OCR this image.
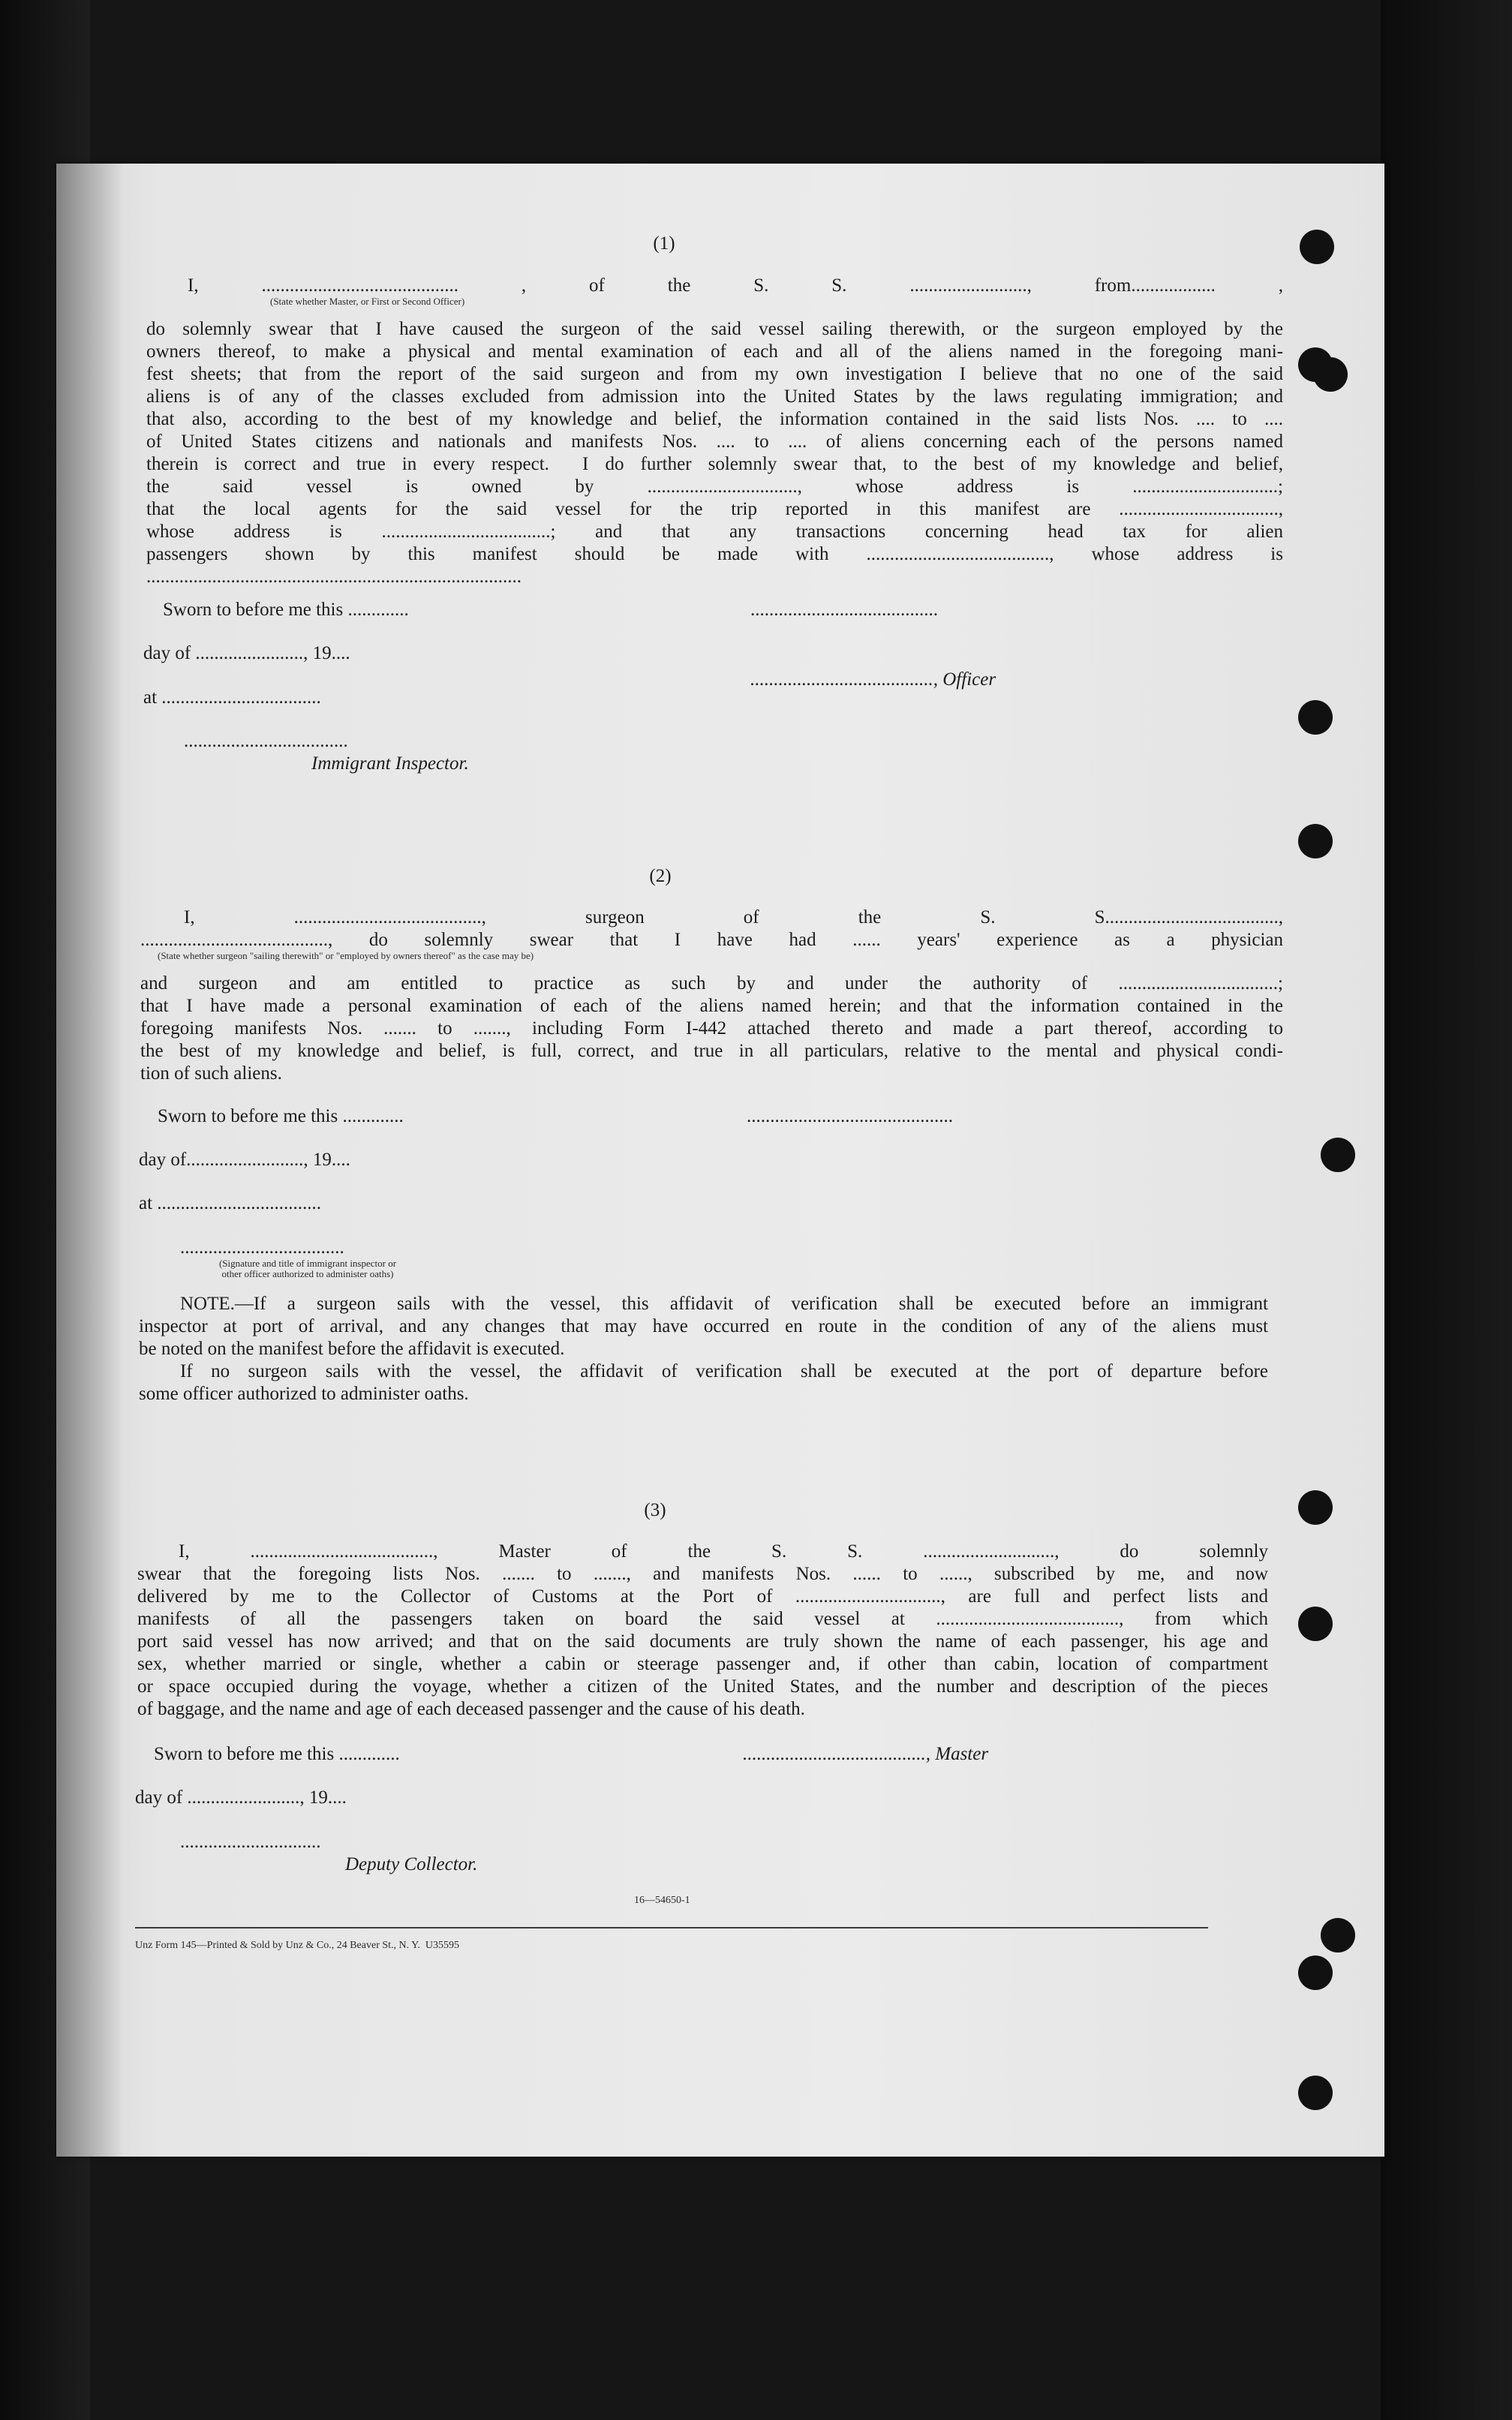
(1)
I, .......................................... , of the S. S. ........................., from.................. ,
(State whether Master, or First or Second Officer)
do solemnly swear that I have caused the surgeon of the said vessel sailing therewith, or the surgeon employed by the
owners thereof, to make a physical and mental examination of each and all of the aliens named in the foregoing mani-
fest sheets; that from the report of the said surgeon and from my own investigation I believe that no one of the said
aliens is of any of the classes excluded from admission into the United States by the laws regulating immigration; and
that also, according to the best of my knowledge and belief, the information contained in the said lists Nos. .... to ....
of United States citizens and nationals and manifests Nos. .... to .... of aliens concerning each of the persons named
therein is correct and true in every respect.  I do further solemnly swear that, to the best of my knowledge and belief,
the said vessel is owned by ................................, whose address is ...............................;
that the local agents for the said vessel for the trip reported in this manifest are ..................................,
whose address is ....................................; and that any transactions concerning head tax for alien
passengers shown by this manifest should be made with ......................................., whose address is
................................................................................
Sworn to before me this .............	........................................
day of ......................., 19....
......................................., Officer
at ..................................
...................................
Immigrant Inspector.
(2)
I, ........................................, surgeon of the S. S.....................................,
........................................, do solemnly swear that I have had ...... years' experience as a physician
(State whether surgeon "sailing therewith" or "employed by owners thereof" as the case may be)
and surgeon and am entitled to practice as such by and under the authority of ..................................;
that I have made a personal examination of each of the aliens named herein; and that the information contained in the
foregoing manifests Nos. ....... to ......., including Form I-442 attached thereto and made a part thereof, according to
the best of my knowledge and belief, is full, correct, and true in all particulars, relative to the mental and physical condi-
tion of such aliens.
Sworn to before me this .............	............................................
day of........................., 19....
at ...................................
...................................
(Signature and title of immigrant inspector or
other officer authorized to administer oaths)
NOTE.—If a surgeon sails with the vessel, this affidavit of verification shall be executed before an immigrant
inspector at port of arrival, and any changes that may have occurred en route in the condition of any of the aliens must
be noted on the manifest before the affidavit is executed.
If no surgeon sails with the vessel, the affidavit of verification shall be executed at the port of departure before
some officer authorized to administer oaths.
(3)
I, ......................................., Master of the S. S. ............................, do solemnly
swear that the foregoing lists Nos. ....... to ......., and manifests Nos. ...... to ......, subscribed by me, and now
delivered by me to the Collector of Customs at the Port of ..............................., are full and perfect lists and
manifests of all the passengers taken on board the said vessel at ......................................., from which
port said vessel has now arrived; and that on the said documents are truly shown the name of each passenger, his age and
sex, whether married or single, whether a cabin or steerage passenger and, if other than cabin, location of compartment
or space occupied during the voyage, whether a citizen of the United States, and the number and description of the pieces
of baggage, and the name and age of each deceased passenger and the cause of his death.
Sworn to before me this .............	......................................., Master
day of ........................, 19....
..............................
Deputy Collector.
16—54650-1
Unz Form 145—Printed & Sold by Unz & Co., 24 Beaver St., N. Y.  U35595
